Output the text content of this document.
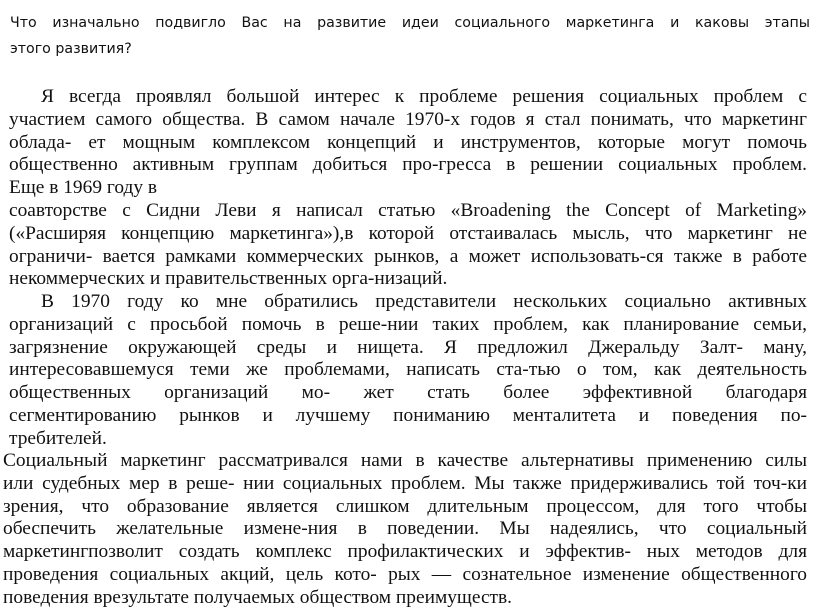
Что изначально подвигло Вас на развитие идеи социального маркетинга и каковы этапы
этого развития?
Я всегда проявлял большой интерес к проблеме решения социальных проблем с
участием самого общества. В самом начале 1970-х годов я стал понимать, что маркетинг
облада- ет мощным комплексом концепций и инструментов, которые могут помочь
общественно активным группам добиться про-гресса в решении социальных проблем.
Еще в 1969 году в
соавторстве с Сидни Леви я написал статью «Broadening the Concept of Marketing»
(«Расширяя концепцию маркетинга»),в которой отстаивалась мысль, что маркетинг не
ограничи- вается рамками коммерческих рынков, а может использовать-ся также в работе
некоммерческих и правительственных орга-низаций.
В 1970 году ко мне обратились представители нескольких социально активных
организаций с просьбой помочь в реше-нии таких проблем, как планирование семьи,
загрязнение окружающей среды и нищета. Я предложил Джеральду Залт- ману,
интересовавшемуся теми же проблемами, написать ста-тью о том, как деятельность
общественных организаций мо- жет стать более эффективной благодаря
сегментированию рынков и лучшему пониманию менталитета и поведения по-
требителей.
Социальный маркетинг рассматривался нами в качестве альтернативы применению силы
или судебных мер в реше- нии социальных проблем. Мы также придерживались той точ-ки
зрения, что образование является слишком длительным процессом, для того чтобы
обеспечить желательные измене-ния в поведении. Мы надеялись, что социальный
маркетингпозволит создать комплекс профилактических и эффектив- ных методов для
проведения социальных акций, цель кото- рых — сознательное изменение общественного
поведения врезультате получаемых обществом преимуществ.
